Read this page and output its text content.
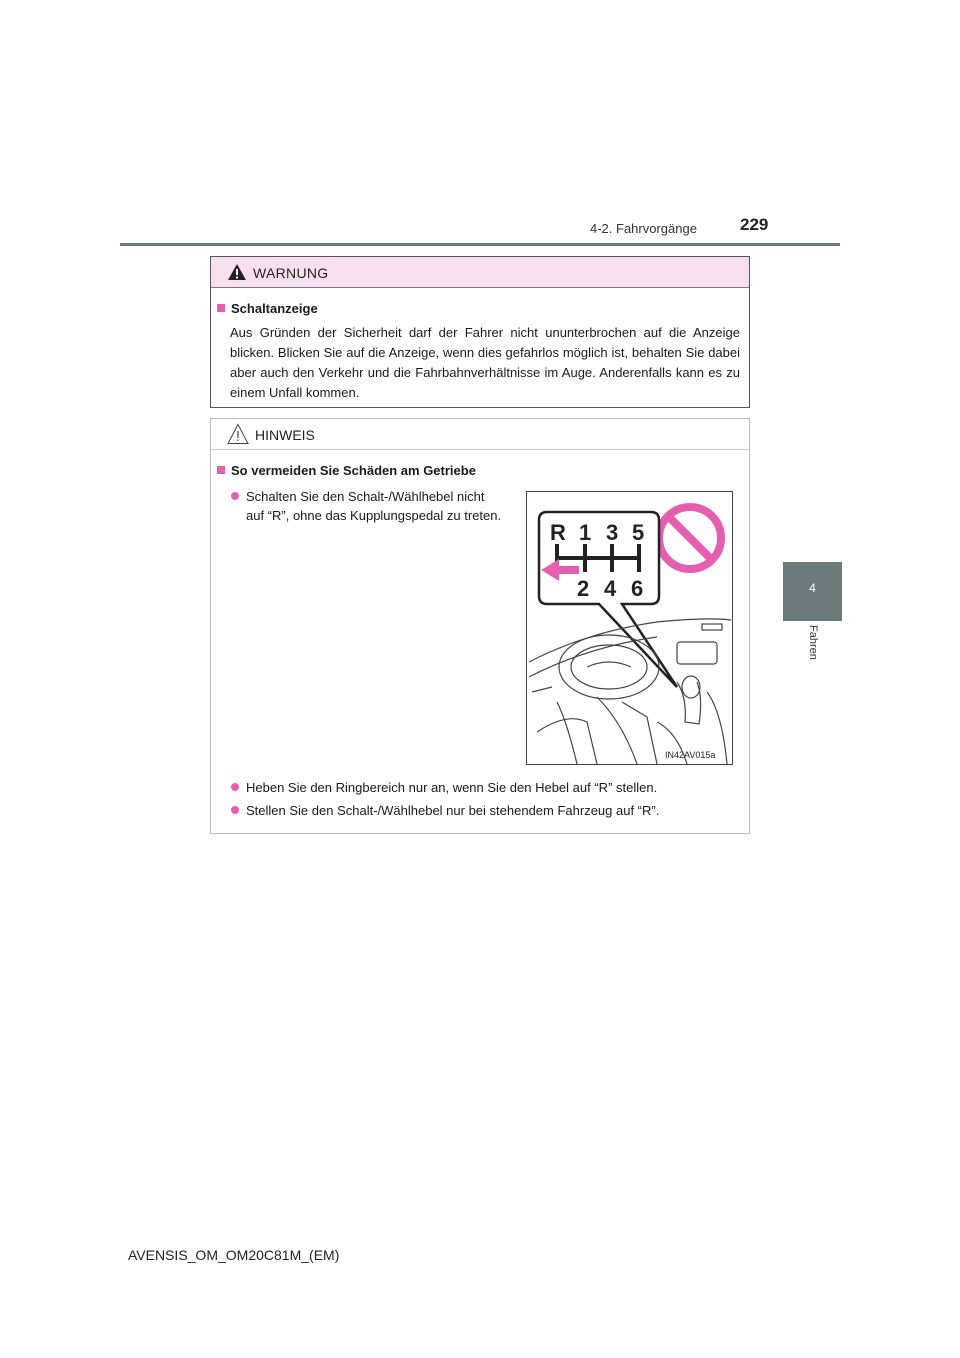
4-2. Fahrvorgänge	229
4
Fahren
WARNUNG
Schaltanzeige
Aus Gründen der Sicherheit darf der Fahrer nicht ununterbrochen auf die Anzeige blicken. Blicken Sie auf die Anzeige, wenn dies gefahrlos möglich ist, behalten Sie dabei aber auch den Verkehr und die Fahrbahnverhältnisse im Auge. Anderenfalls kann es zu einem Unfall kommen.
HINWEIS
So vermeiden Sie Schäden am Getriebe
Schalten Sie den Schalt-/Wählhebel nicht
auf “R”, ohne das Kupplungspedal zu treten.
R 1 3 5
2 4 6
IN42AV015a
Heben Sie den Ringbereich nur an, wenn Sie den Hebel auf “R” stellen.
Stellen Sie den Schalt-/Wählhebel nur bei stehendem Fahrzeug auf “R”.
AVENSIS_OM_OM20C81M_(EM)
